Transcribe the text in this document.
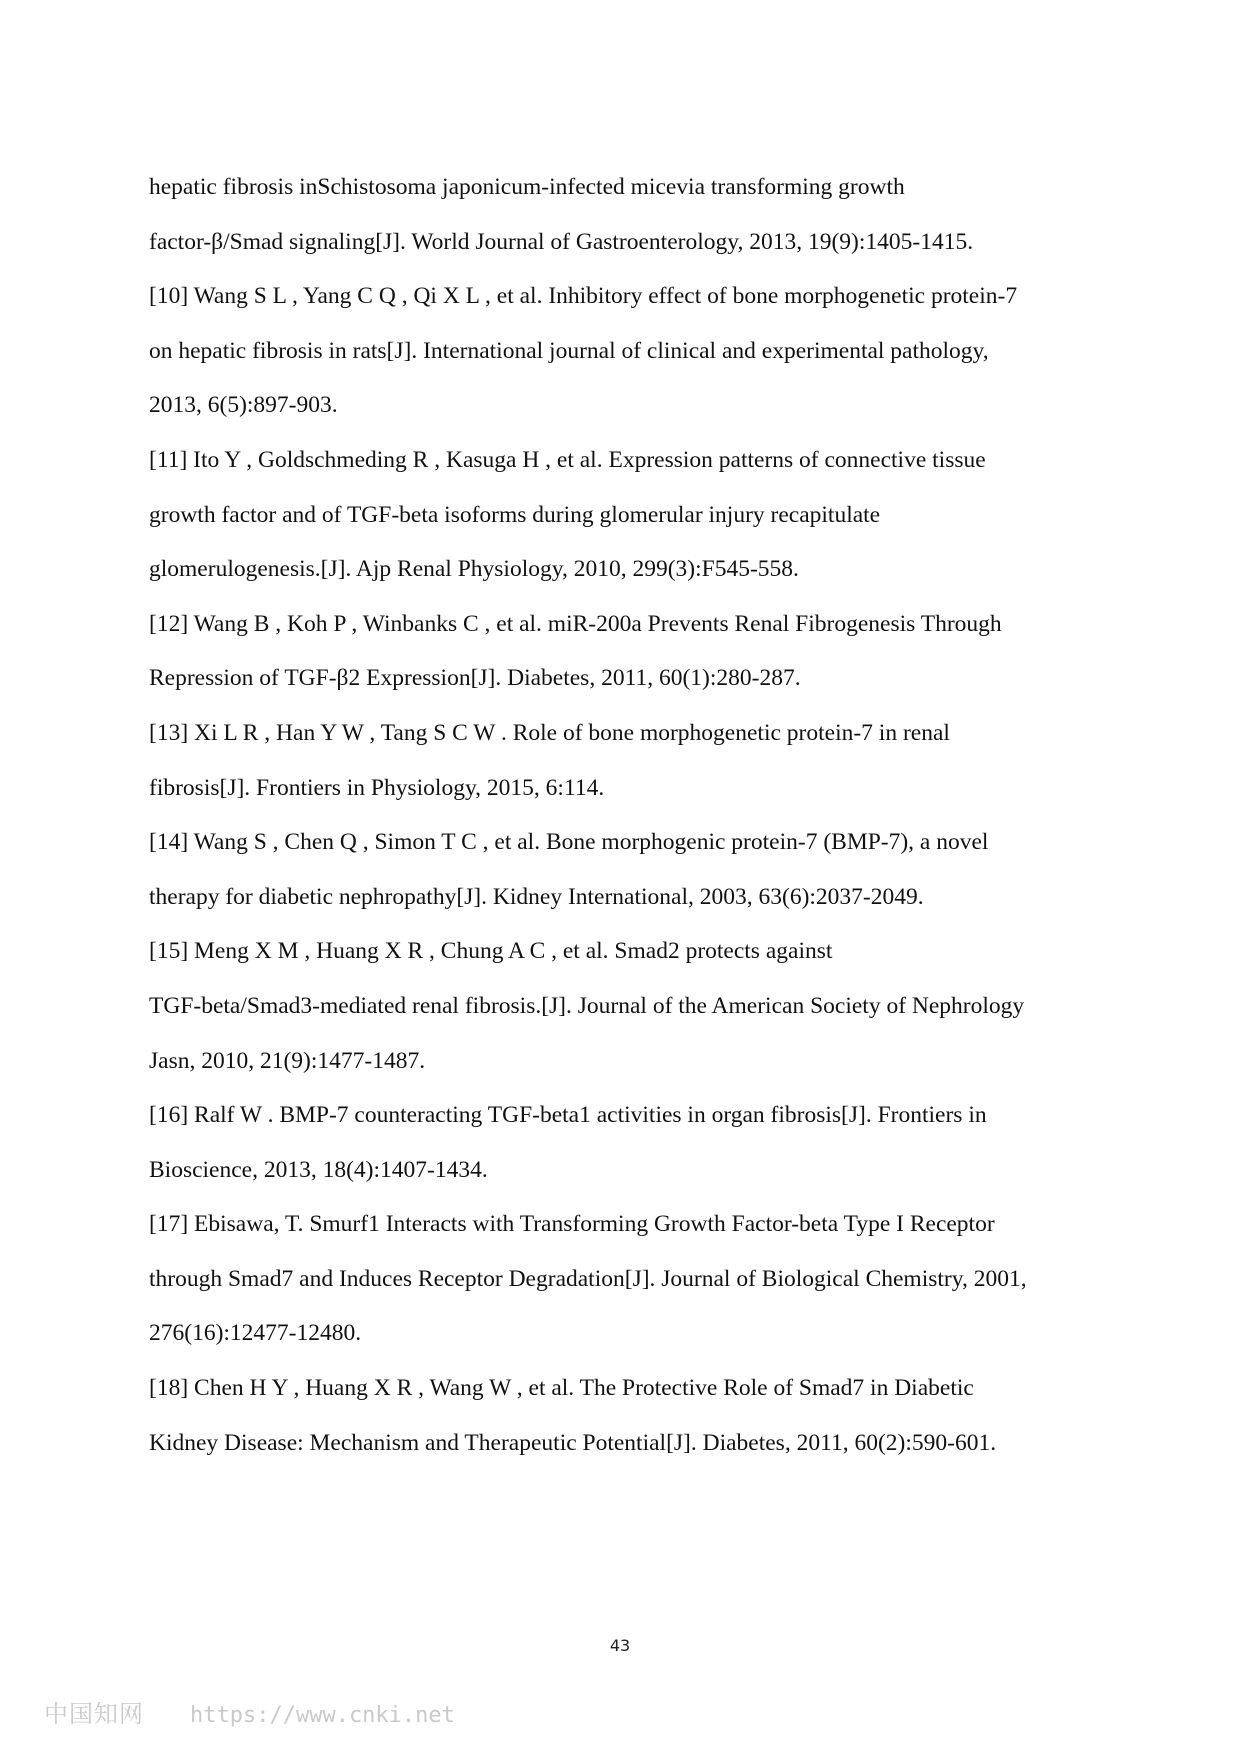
hepatic fibrosis inSchistosoma japonicum-infected micevia transforming growth
factor-β/Smad signaling[J]. World Journal of Gastroenterology, 2013, 19(9):1405-1415.
[10] Wang S L , Yang C Q , Qi X L , et al. Inhibitory effect of bone morphogenetic protein-7
on hepatic fibrosis in rats[J]. International journal of clinical and experimental pathology,
2013, 6(5):897-903.
[11] Ito Y , Goldschmeding R , Kasuga H , et al. Expression patterns of connective tissue
growth factor and of TGF-beta isoforms during glomerular injury recapitulate
glomerulogenesis.[J]. Ajp Renal Physiology, 2010, 299(3):F545-558.
[12] Wang B , Koh P , Winbanks C , et al. miR-200a Prevents Renal Fibrogenesis Through
Repression of TGF-β2 Expression[J]. Diabetes, 2011, 60(1):280-287.
[13] Xi L R , Han Y W , Tang S C W . Role of bone morphogenetic protein-7 in renal
fibrosis[J]. Frontiers in Physiology, 2015, 6:114.
[14] Wang S , Chen Q , Simon T C , et al. Bone morphogenic protein-7 (BMP-7), a novel
therapy for diabetic nephropathy[J]. Kidney International, 2003, 63(6):2037-2049.
[15] Meng X M , Huang X R , Chung A C , et al. Smad2 protects against
TGF-beta/Smad3-mediated renal fibrosis.[J]. Journal of the American Society of Nephrology
Jasn, 2010, 21(9):1477-1487.
[16] Ralf W . BMP-7 counteracting TGF-beta1 activities in organ fibrosis[J]. Frontiers in
Bioscience, 2013, 18(4):1407-1434.
[17] Ebisawa, T. Smurf1 Interacts with Transforming Growth Factor-beta Type I Receptor
through Smad7 and Induces Receptor Degradation[J]. Journal of Biological Chemistry, 2001,
276(16):12477-12480.
[18] Chen H Y , Huang X R , Wang W , et al. The Protective Role of Smad7 in Diabetic
Kidney Disease: Mechanism and Therapeutic Potential[J]. Diabetes, 2011, 60(2):590-601.
43
中国知网 https://www.cnki.net
